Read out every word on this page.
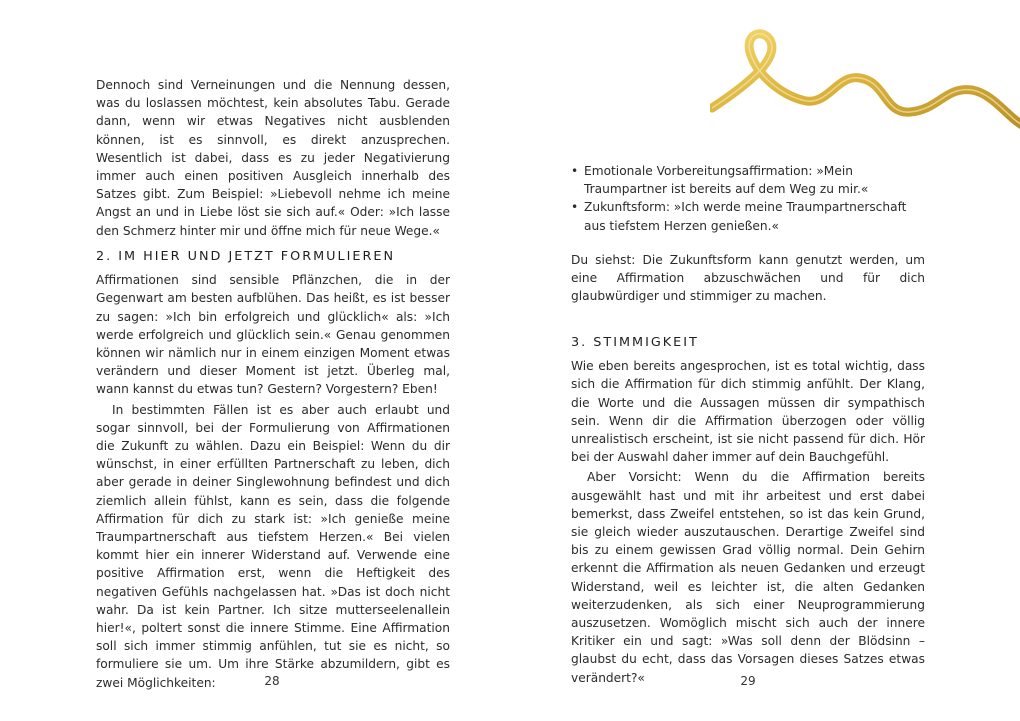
Dennoch sind Verneinungen und die Nennung dessen, was du loslassen möchtest, kein absolutes Tabu. Gerade dann, wenn wir etwas Negatives nicht ausblenden können, ist es sinnvoll, es direkt anzusprechen. Wesentlich ist dabei, dass es zu jeder Negativierung immer auch einen positiven Ausgleich innerhalb des Satzes gibt. Zum Beispiel: »Liebevoll nehme ich meine Angst an und in Liebe löst sie sich auf.« Oder: »Ich lasse den Schmerz hinter mir und öffne mich für neue Wege.«

2. IM HIER UND JETZT FORMULIEREN

Affirmationen sind sensible Pflänzchen, die in der Gegenwart am besten aufblühen. Das heißt, es ist besser zu sagen: »Ich bin erfolgreich und glücklich« als: »Ich werde erfolgreich und glücklich sein.« Genau genommen können wir nämlich nur in einem einzigen Moment etwas verändern und dieser Moment ist jetzt. Überleg mal, wann kannst du etwas tun? Gestern? Vorgestern? Eben!

In bestimmten Fällen ist es aber auch erlaubt und sogar sinnvoll, bei der Formulierung von Affirmationen die Zukunft zu wählen. Dazu ein Beispiel: Wenn du dir wünschst, in einer erfüllten Partnerschaft zu leben, dich aber gerade in deiner Singlewohnung befindest und dich ziemlich allein fühlst, kann es sein, dass die folgende Affirmation für dich zu stark ist: »Ich genieße meine Traumpartnerschaft aus tiefstem Herzen.« Bei vielen kommt hier ein innerer Widerstand auf. Verwende eine positive Affirmation erst, wenn die Heftigkeit des negativen Gefühls nachgelassen hat. »Das ist doch nicht wahr. Da ist kein Partner. Ich sitze mutterseelenallein hier!«, poltert sonst die innere Stimme. Eine Affirmation soll sich immer stimmig anfühlen, tut sie es nicht, so formuliere sie um. Um ihre Stärke abzumildern, gibt es zwei Möglichkeiten:	28
• Emotionale Vorbereitungsaffirmation: »Mein Traumpartner ist bereits auf dem Weg zu mir.«
• Zukunftsform: »Ich werde meine Traumpartnerschaft aus tiefstem Herzen genießen.«

Du siehst: Die Zukunftsform kann genutzt werden, um eine Affirmation abzuschwächen und für dich glaubwürdiger und stimmiger zu machen.

3. STIMMIGKEIT

Wie eben bereits angesprochen, ist es total wichtig, dass sich die Affirmation für dich stimmig anfühlt. Der Klang, die Worte und die Aussagen müssen dir sympathisch sein. Wenn dir die Affirmation überzogen oder völlig unrealistisch erscheint, ist sie nicht passend für dich. Hör bei der Auswahl daher immer auf dein Bauchgefühl.

Aber Vorsicht: Wenn du die Affirmation bereits ausgewählt hast und mit ihr arbeitest und erst dabei bemerkst, dass Zweifel entstehen, so ist das kein Grund, sie gleich wieder auszutauschen. Derartige Zweifel sind bis zu einem gewissen Grad völlig normal. Dein Gehirn erkennt die Affirmation als neuen Gedanken und erzeugt Widerstand, weil es leichter ist, die alten Gedanken weiterzudenken, als sich einer Neuprogrammierung auszusetzen. Womöglich mischt sich auch der innere Kritiker ein und sagt: »Was soll denn der Blödsinn – glaubst du echt, dass das Vorsagen dieses Satzes etwas verändert?«	29
